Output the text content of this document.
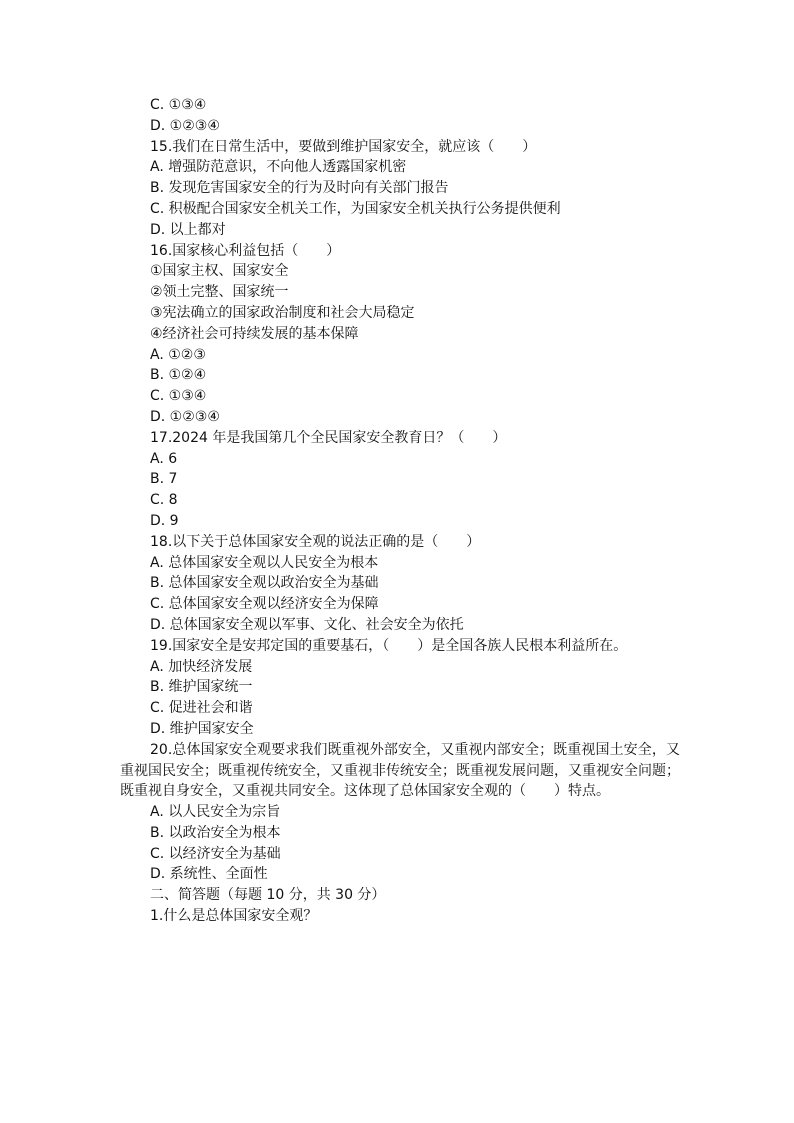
C. ①③④
D. ①②③④
15.我们在日常生活中，要做到维护国家安全，就应该（　　）
A. 增强防范意识，不向他人透露国家机密
B. 发现危害国家安全的行为及时向有关部门报告
C. 积极配合国家安全机关工作，为国家安全机关执行公务提供便利
D. 以上都对
16.国家核心利益包括（　　）
①国家主权、国家安全
②领土完整、国家统一
③宪法确立的国家政治制度和社会大局稳定
④经济社会可持续发展的基本保障
A. ①②③
B. ①②④
C. ①③④
D. ①②③④
17.2024 年是我国第几个全民国家安全教育日？（　　）
A. 6
B. 7
C. 8
D. 9
18.以下关于总体国家安全观的说法正确的是（　　）
A. 总体国家安全观以人民安全为根本
B. 总体国家安全观以政治安全为基础
C. 总体国家安全观以经济安全为保障
D. 总体国家安全观以军事、文化、社会安全为依托
19.国家安全是安邦定国的重要基石，（　　）是全国各族人民根本利益所在。
A. 加快经济发展
B. 维护国家统一
C. 促进社会和谐
D. 维护国家安全
20.总体国家安全观要求我们既重视外部安全，又重视内部安全；既重视国土安全，又重视国民安全；既重视传统安全，又重视非传统安全；既重视发展问题，又重视安全问题；既重视自身安全，又重视共同安全。这体现了总体国家安全观的（　　）特点。
A. 以人民安全为宗旨
B. 以政治安全为根本
C. 以经济安全为基础
D. 系统性、全面性
二、简答题（每题 10 分，共 30 分）
1.什么是总体国家安全观？
